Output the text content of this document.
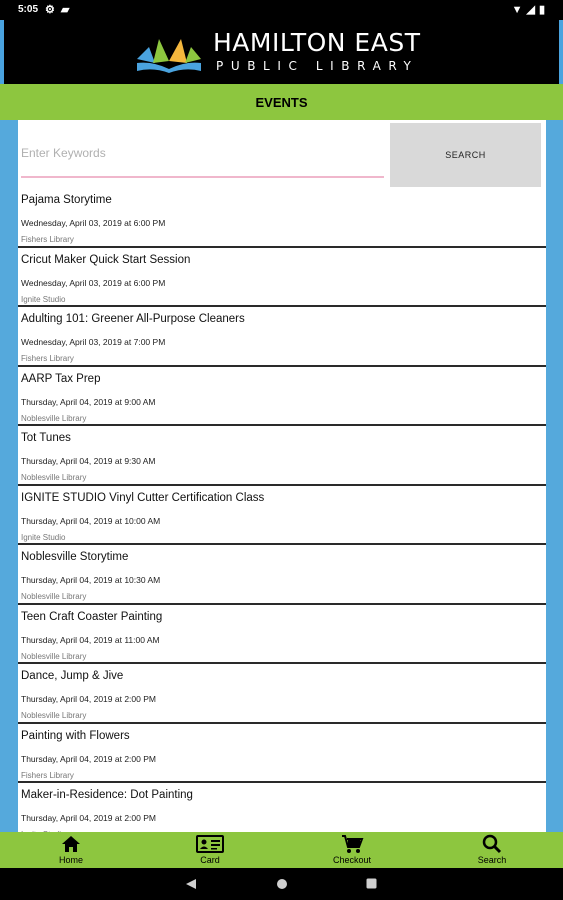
5:05 ⚙▰	▼◢▮
HAMILTON EAST
PUBLIC LIBRARY
EVENTS
Enter Keywords
SEARCH
Pajama Storytime
Wednesday, April 03, 2019 at 6:00 PM
Fishers Library
Cricut Maker Quick Start Session
Wednesday, April 03, 2019 at 6:00 PM
Ignite Studio
Adulting 101: Greener All-Purpose Cleaners
Wednesday, April 03, 2019 at 7:00 PM
Fishers Library
AARP Tax Prep
Thursday, April 04, 2019 at 9:00 AM
Noblesville Library
Tot Tunes
Thursday, April 04, 2019 at 9:30 AM
Noblesville Library
IGNITE STUDIO Vinyl Cutter Certification Class
Thursday, April 04, 2019 at 10:00 AM
Ignite Studio
Noblesville Storytime
Thursday, April 04, 2019 at 10:30 AM
Noblesville Library
Teen Craft Coaster Painting
Thursday, April 04, 2019 at 11:00 AM
Noblesville Library
Dance, Jump & Jive
Thursday, April 04, 2019 at 2:00 PM
Noblesville Library
Painting with Flowers
Thursday, April 04, 2019 at 2:00 PM
Fishers Library
Maker-in-Residence: Dot Painting
Thursday, April 04, 2019 at 2:00 PM
Home	Card	Checkout	Search
